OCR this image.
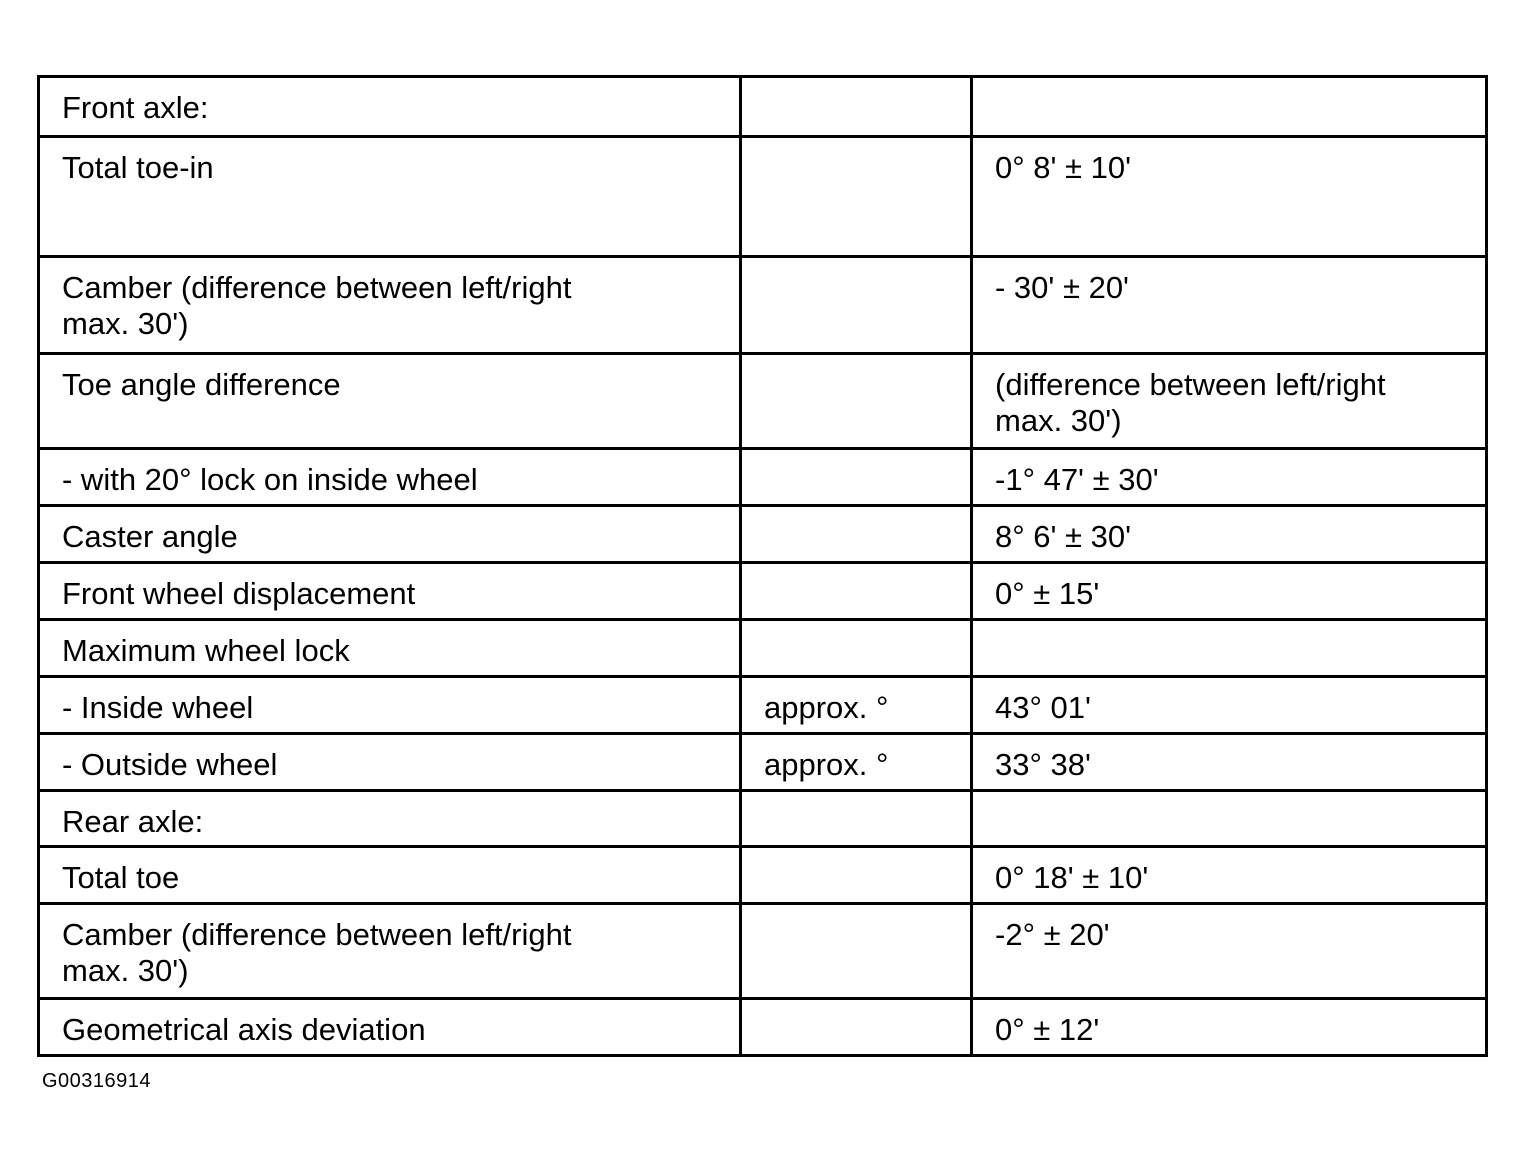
Front axle:		
Total toe-in		0° 8' ± 10'
Camber (difference between left/right
max. 30')		- 30' ± 20'
Toe angle difference		(difference between left/right
max. 30')
- with 20° lock on inside wheel		-1° 47' ± 30'
Caster angle		8° 6' ± 30'
Front wheel displacement		0° ± 15'
Maximum wheel lock		
- Inside wheel	approx. °	43° 01'
- Outside wheel	approx. °	33° 38'
Rear axle:		
Total toe		0° 18' ± 10'
Camber (difference between left/right
max. 30')		-2° ± 20'
Geometrical axis deviation		0° ± 12'
G00316914
